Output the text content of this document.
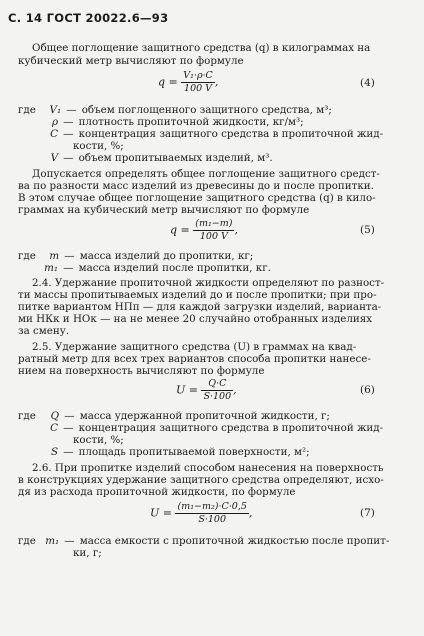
С. 14 ГОСТ 20022.6—93
Общее поглощение защитного средства (q) в килограммах на
кубический метр вычисляют по формуле
$q = \frac{\text{V₁·ρ·C}}{100 V}$ ,	(4)
где V₁ — объем поглощенного защитного средства, м³;
ρ — плотность пропиточной жидкости, кг/м³;
C — концентрация защитного средства в пропиточной жид-
кости, %;
V — объем пропитываемых изделий, м³.
Допускается определять общее поглощение защитного средст-
ва по разности масс изделий из древесины до и после пропитки.
В этом случае общее поглощение защитного средства (q) в кило-
граммах на кубический метр вычисляют по формуле
$q = \frac{\text{(m₁−m)}}{100 V}$ ,	(5)
где m — масса изделий до пропитки, кг;
m₁ — масса изделий после пропитки, кг.
2.4. Удержание пропиточной жидкости определяют по разност-
ти массы пропитываемых изделий до и после пропитки; при про-
питке вариантом НПп — для каждой загрузки изделий, варианта-
ми НКк и НОк — на не менее 20 случайно отобранных изделиях
за смену.
2.5. Удержание защитного средства (U) в граммах на квад-
ратный метр для всех трех вариантов способа пропитки нанесе-
нием на поверхность вычисляют по формуле
$U = \frac{Q\cdot C}{S\cdot 100}$ ,	(6)
где Q — масса удержанной пропиточной жидкости, г;
C — концентрация защитного средства в пропиточной жид-
кости, %;
S — площадь пропитываемой поверхности, м²;
2.6. При пропитке изделий способом нанесения на поверхность
в конструкциях удержание защитного средства определяют, исхо-
дя из расхода пропиточной жидкости, по формуле
$U = \frac{\text{(m₁−m₂)·C·0,5}}{S\cdot 100}$ ,	(7)
где m₁ — масса емкости с пропиточной жидкостью после пропит-
ки, г;
